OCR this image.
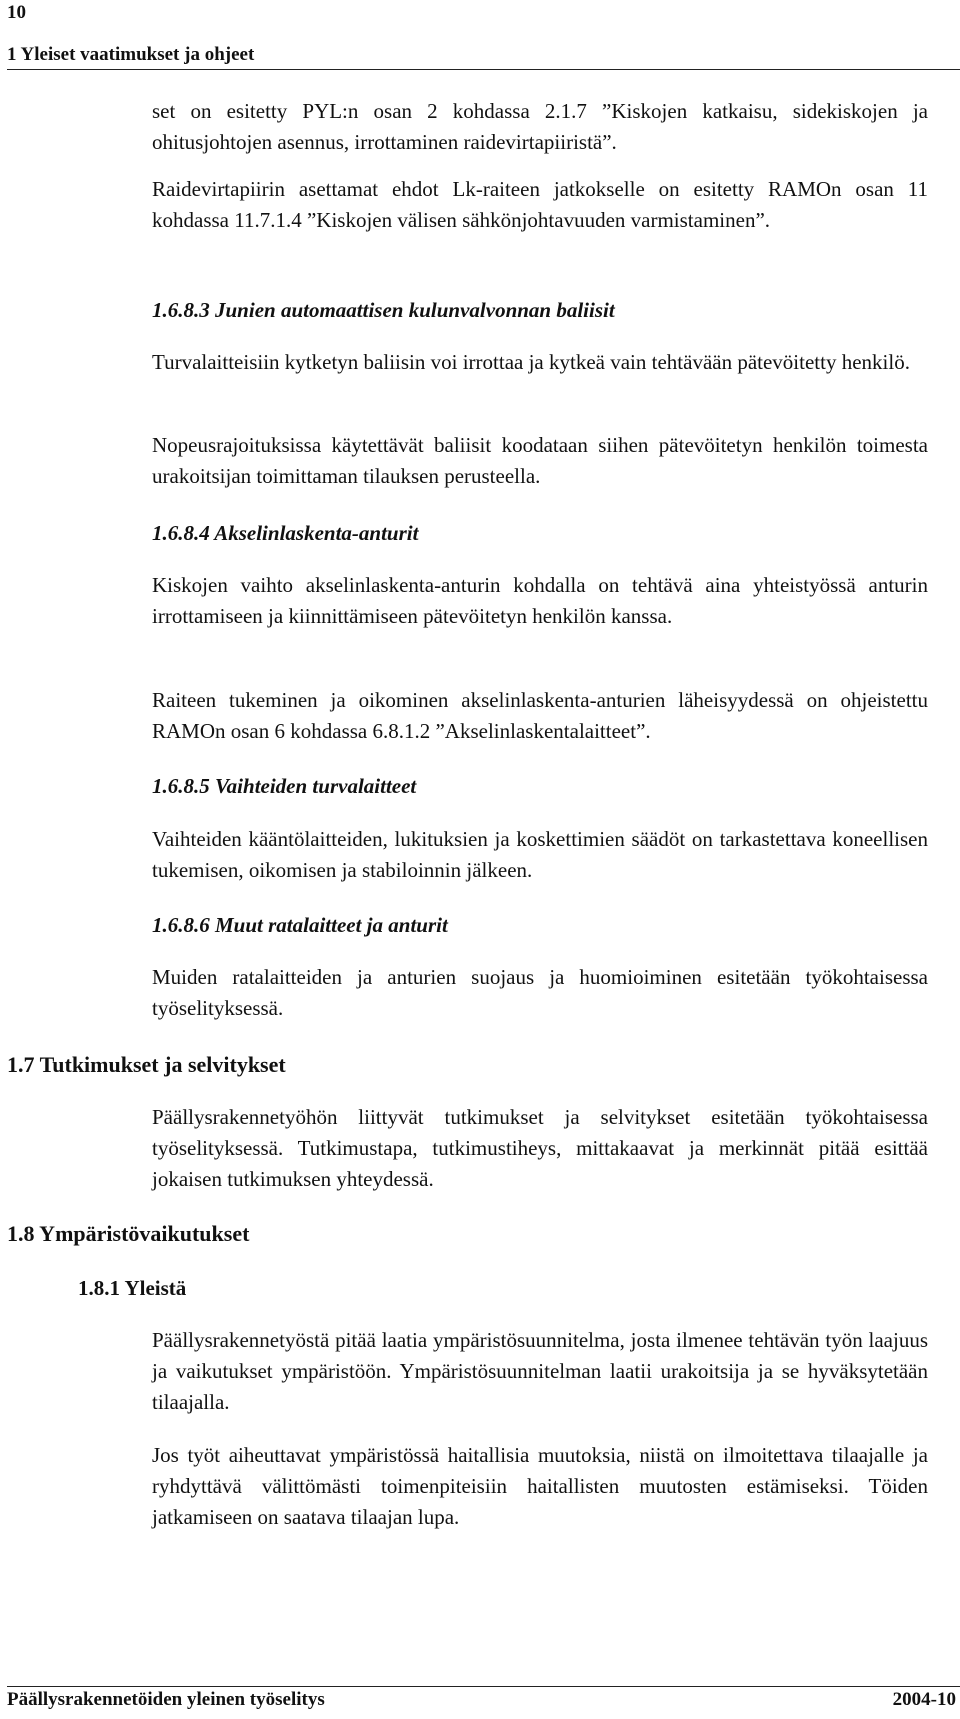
10
1 Yleiset vaatimukset ja ohjeet

set on esitetty PYL:n osan 2 kohdassa 2.1.7 ”Kiskojen katkaisu, sidekiskojen ja ohitusjohtojen asennus, irrottaminen raidevirtapiiristä”.

Raidevirtapiirin asettamat ehdot Lk-raiteen jatkokselle on esitetty RAMOn osan 11 kohdassa 11.7.1.4 ”Kiskojen välisen sähkönjohtavuuden varmistaminen”.

1.6.8.3 Junien automaattisen kulunvalvonnan baliisit

Turvalaitteisiin kytketyn baliisin voi irrottaa ja kytkeä vain tehtävään pätevöitetty henkilö.

Nopeusrajoituksissa käytettävät baliisit koodataan siihen pätevöitetyn henkilön toimesta urakoitsijan toimittaman tilauksen perusteella.

1.6.8.4 Akselinlaskenta-anturit

Kiskojen vaihto akselinlaskenta-anturin kohdalla on tehtävä aina yhteistyössä anturin irrottamiseen ja kiinnittämiseen pätevöitetyn henkilön kanssa.

Raiteen tukeminen ja oikominen akselinlaskenta-anturien läheisyydessä on ohjeistettu RAMOn osan 6 kohdassa 6.8.1.2 ”Akselinlaskentalaitteet”.

1.6.8.5 Vaihteiden turvalaitteet

Vaihteiden kääntölaitteiden, lukituksien ja koskettimien säädöt on tarkastettava koneellisen tukemisen, oikomisen ja stabiloinnin jälkeen.

1.6.8.6 Muut ratalaitteet ja anturit

Muiden ratalaitteiden ja anturien suojaus ja huomioiminen esitetään työkohtaisessa työselityksessä.

1.7 Tutkimukset ja selvitykset

Päällysrakennetyöhön liittyvät tutkimukset ja selvitykset esitetään työkohtaisessa työselityksessä. Tutkimustapa, tutkimustiheys, mittakaavat ja merkinnät pitää esittää jokaisen tutkimuksen yhteydessä.

1.8 Ympäristövaikutukset
1.8.1 Yleistä

Päällysrakennetyöstä pitää laatia ympäristösuunnitelma, josta ilmenee tehtävän työn laajuus ja vaikutukset ympäristöön. Ympäristösuunnitelman laatii urakoitsija ja se hyväksytetään tilaajalla.

Jos työt aiheuttavat ympäristössä haitallisia muutoksia, niistä on ilmoitettava tilaajalle ja ryhdyttävä välittömästi toimenpiteisiin haitallisten muutosten estämiseksi. Töiden jatkamiseen on saatava tilaajan lupa.

Päällysrakennetöiden yleinen työselitys	2004-10
